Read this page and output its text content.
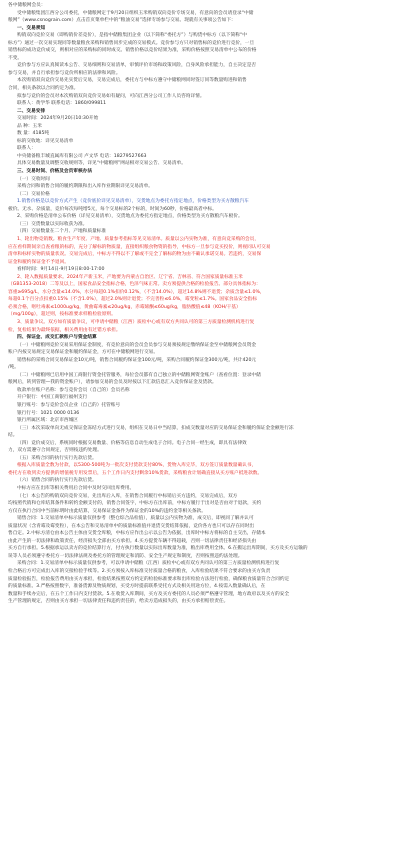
各中储粮网会员：
受中储粮集团江西分公司委托，中储粮网定于9月20日组织玉米购销双向竞价专场交易，有意向的会员请登录“中储
粮网”（www.csnograin.com）点击首页菜单栏中的“粮油交易”选择专场参与交易。现就有关事项公告如下：
一、交易须知
购销双向竞价交易（即购销价差竞价），是指中储粮集团企业（以下简称“委托方”）与购货中标方（以下简称“中
标方”）通过一次交易实现同等数量粮食采购和销售同步完成的交易模式。竞价参与方只对销售标的竞价进行竞价，一旦
销售标的成功竞价成交，则相对应的采购标的同时成交。销售价格以竞价结果为准，采购价格按照交易清单中公布的价格
不变。
竞价参与方应认真阅读本公告、交易细则和交易清单，审慎评价市场和政策风险，自身风险承担能力，自主决定是否
参与交易，并自行承担参与竞价所相应的法律和风险。
本次购销双向竞价交易先实货后交易，交易完成后，委托方与中标方遵守中储粮网同时签订同等数量购进和销售
合同，相关条款以合同约定为准。
拟参与竞价的会员对本次购销双向竞价交易如有疑问，可向江西分公司工作人员咨询详情。
联系人：黄学华 联系电话：1860/099811
二、交易安排
交易时间：2024年9月20日10:30开始
品 种：玉米
数 量：4185吨
标的交收地：详见交易清单
联系人：
中央储备粮丰城直属库有限公司 卢文华 电话：18279527663
具体交易数量及调整交收规则等，详见“中储粮网”网站相对交易公告、交易清单。
三、交易时间、价格及会员审核办法
（一）交收时间
采购合同和销售合同的履约期限和出入库作业期限详见交易清单。
（二）交易价格
1.销售价格是以竞价方式产生（竞价底价详见交易清单），交货地点为委托方指定地点，价格类型为买方散粮汽车
板价。无水、杂质量，竞价每次每吨增5元，每个交易标的2个标的，时间为60秒，价格最高者中标。
2、采购价格是清单公布价格（详见交易清单），交货地点为委托方指定地点，价格类型为买方散粮汽车板价。
（三）交货数量以实际收获为准。
（四）交易数量在二个月、产地和质量标准
1、轮出物竞销数。粮食生产年度、产地、质量参考指标等见交易清单。质量以公内实物为准，有意向竞采购的会员，
应在看样期间亲自查看粮的标的，充分了解标的物质量，直接组织粮食物资的指导，中标方一旦参与竞买投价，则视同认可交易
清单和标样实物的质量状况。交易完成后，中标方不得以不了解或不完全了解标的物为由不确认承诺交易。若违约，交易保
证金和履约保证金不予退回。
看样时间：9月14日-9月19日8:00-17:00
2、轮入数据质量要求。2024年产新玉米，产地要为内蒙古自治区、辽宁省、吉林省、符合国家质量标准玉米
（GB1353-2018）二等及以上，国家食品安全指标合格，色泽气味正常。卖方须提供合格的检验报告。部分具体指标为：
容重≥695g/L，水分含量≤14.0%，水分每超0.1%扣价0.12%，（不含14.0%），超过14.8%则不退货；杂质含量≤1.0%，
每超0.1个百分点扣重0.15%（不含1.0%），超过2.0%则计退货；不完善粒≤6.0%，霉变粒≤1.7%。国家食品安全指标
必须合格，呕吐毒素≤1000ug/kg，黄曲霉毒素≤20ug/kg，赤霉烯酮≤60ug/kg，脂肪酸值≤48（KOH/干基）
（mg/100g），超过则，按标准要求样粮检验原则。
3、质量争议。双方如有质量争议，可申请中储粮（江西）质检中心或有双方共同认可的第三方质量检测机构进行复
检，复检结果为最终依据，相关费用由有过错方承担。
四、保证金、成交汇款账户与资金结算
（一）中储粮网竞价交易采用保证金制度，有竞价意向的会员会员参与交易须按规定缴纳保证金至中储粮网会员资金
账户内按交易规定交易保证金和履约保证金，方可在中储粮网进行交易。
销售标的采购合同交易保证金10元/吨，销售合同履约保证金100元/吨，采购合同履约保证金300元/吨，共计420元
/吨。
（二）中储粮网已启用中国工商银行资金托管服务，每位会员都有自己独立的中储粮网资金账户（查看位置：登录中储
粮网后，转到管理—我的资金账户），请参加交易的会员及时按以下汇款信息汇入竞价保证金及货款。
收款单位账户名称：参与竞价会员（自己的）会员名称
开户银行：中国工商银行福州支行
银行账号：参与竞价会员企业（自己的）托管账号
银行行号：1021 0000 0136
银行所属区域：北京市西城区
（三）本次采取单向无成交保证金冻结方式进行交易，组织在交易日中当结算，扣成交数量对应的交易保证金和履约保证金金额进行冻
结。
（四）竞价成交后，系统同时根据交易数量、价格等信息自动生成电子合同。电子合同一经生成，即具有法律效
力，双方需遵守合同规定，否则按违约处理。
（五）采购合同的执行实行先款后货。
根据入库质量全数为付款，以5300-500吨为一批次支付货款支付80%，货物入库完毕，双方签订质量数量确认书，
委托方在收到卖方提供的增值税专用发票后，五个工作日内支付剩余10%货款，采购粮食计划确直接从买方账户抵进款数。
（六）销售合同的执行实行先款后货。
中标方应在出库等相关费用后合同中及时交回出库费用。
（七）本公告的购销双向竞价交易，先出库后入库，在销售合同履行中标销后买方违约，交易完成后，双方
均按照代销和仓库结算条件和转约金额支付的，销售合同签字，中标方在出库前，中标方履行于出对是否由对于退款，买约
方仅在执行合同中当前标明时由此结算，交易保证金条件为保证金的10%的违约金等相关条款。
销售合同：1.交易清单中标示质量仅供参考（整仓综合品检值），质量以公内实物为准，成交后，即视同了解并认可
质量状况（含青霉及霉变粒），在本公告和交易清单中的质量标准值并退货交货结算依据，竞价各方也只可以存在同时出
售自定。2.中标方清仓由本公告主体由交货全库粮，中标方应作出公示以公告为依据，出库时中标方将标的自主交出，存储本
由此产生的一切法律和政策责任，经济损失全部由买方承担。4.买方提货车辆不得超载，否则一切法律责任和经济损失由
买方自行承担。5.根据承运以卖方的竞价结算行方，付方执行数量以实际出库数量为准，粮出库费用全体。6.在搬运出库期间，买方及买方运输的
误等人员必须遵守委托方一切法律法规及委托方的管理规定和消防、安全生产规定和制度，否则按照违约法处理。
采购合同：1.交易清单中标示质量仅供参考，可以申请中储粮（江西）质检中心或有双方共同认可的第三方质量检测机构进行复
检合格后方可完成出入库的交接检验手续等。2.买方须按入库标准交付质量合格的粮食，入库检验结果不符合要求的由买方负责
质量检验报告，检验报告费用由买方承担，检验结果按照双方约定的检验标准要求和出库检验方法进行检验，确保粮食质量符合合同约定
的质量标准。3.严格按照数字，准备货源及物质规划，买受方时提前联系受托方式及相关用途方位，4.按需入数量确认后，在
数量和手续办完后，在五个工作日内支付货款。5.在收货入库期间，买方及买方委托的人员必须严格遵守管理，地方政府以及买方的安全
生产管理的规定，否则由买方承担一切法律责任和违约责任的，给卖方造成损失的，由买方承担赔偿责任。
